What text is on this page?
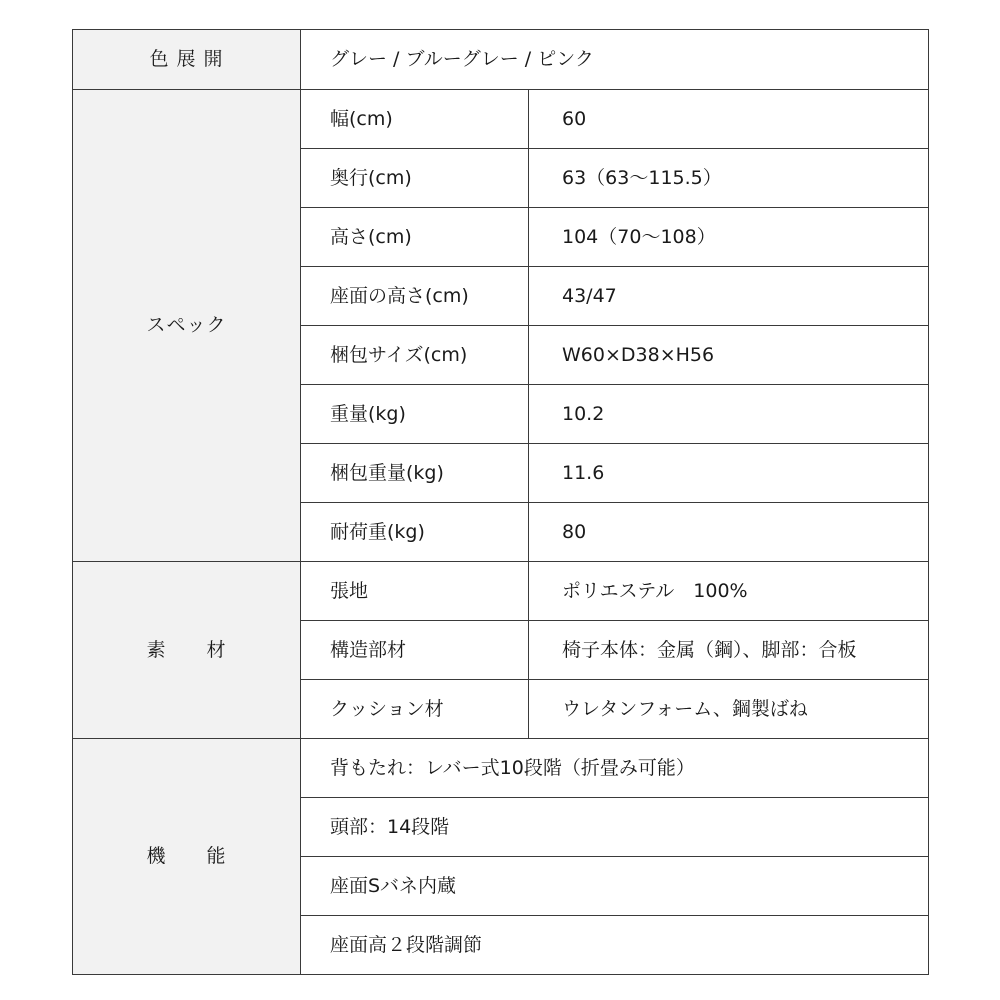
色 展 開	グレー / ブルーグレー / ピンク	
スペック	幅(cm)	60
	奥行(cm)	63（63〜115.5）
	高さ(cm)	104（70〜108）
	座面の高さ(cm)	43/47
	梱包サイズ(cm)	W60×D38×H56
	重量(kg)	10.2
	梱包重量(kg)	11.6
	耐荷重(kg)	80
素　　材	張地	ポリエステル　100%
	構造部材	椅子本体：金属（鋼）、脚部：合板
	クッション材	ウレタンフォーム、鋼製ばね
機　　能	背もたれ：レバー式10段階（折畳み可能）	
	頭部：14段階	
	座面Sバネ内蔵	
	座面高２段階調節	
